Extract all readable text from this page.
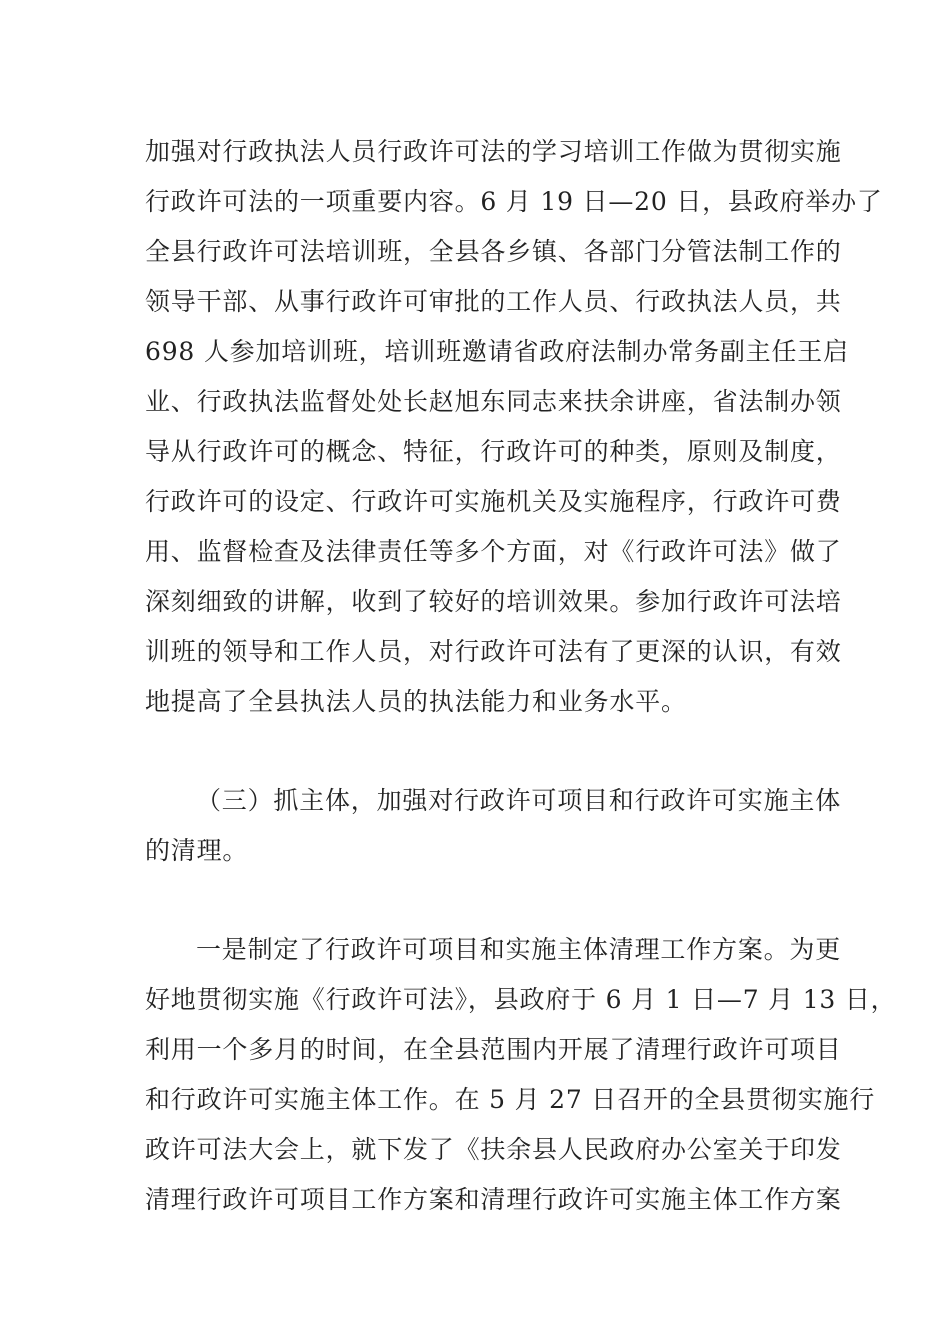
加强对行政执法人员行政许可法的学习培训工作做为贯彻实施
行政许可法的一项重要内容。6 月 19 日—20 日，县政府举办了
全县行政许可法培训班，全县各乡镇、各部门分管法制工作的
领导干部、从事行政许可审批的工作人员、行政执法人员，共
698 人参加培训班，培训班邀请省政府法制办常务副主任王启
业、行政执法监督处处长赵旭东同志来扶余讲座，省法制办领
导从行政许可的概念、特征，行政许可的种类，原则及制度，
行政许可的设定、行政许可实施机关及实施程序，行政许可费
用、监督检查及法律责任等多个方面，对《行政许可法》做了
深刻细致的讲解，收到了较好的培训效果。参加行政许可法培
训班的领导和工作人员，对行政许可法有了更深的认识，有效
地提高了全县执法人员的执法能力和业务水平。
（三）抓主体，加强对行政许可项目和行政许可实施主体
的清理。
一是制定了行政许可项目和实施主体清理工作方案。为更
好地贯彻实施《行政许可法》，县政府于 6 月 1 日—7 月 13 日，
利用一个多月的时间，在全县范围内开展了清理行政许可项目
和行政许可实施主体工作。在 5 月 27 日召开的全县贯彻实施行
政许可法大会上，就下发了《扶余县人民政府办公室关于印发
清理行政许可项目工作方案和清理行政许可实施主体工作方案
